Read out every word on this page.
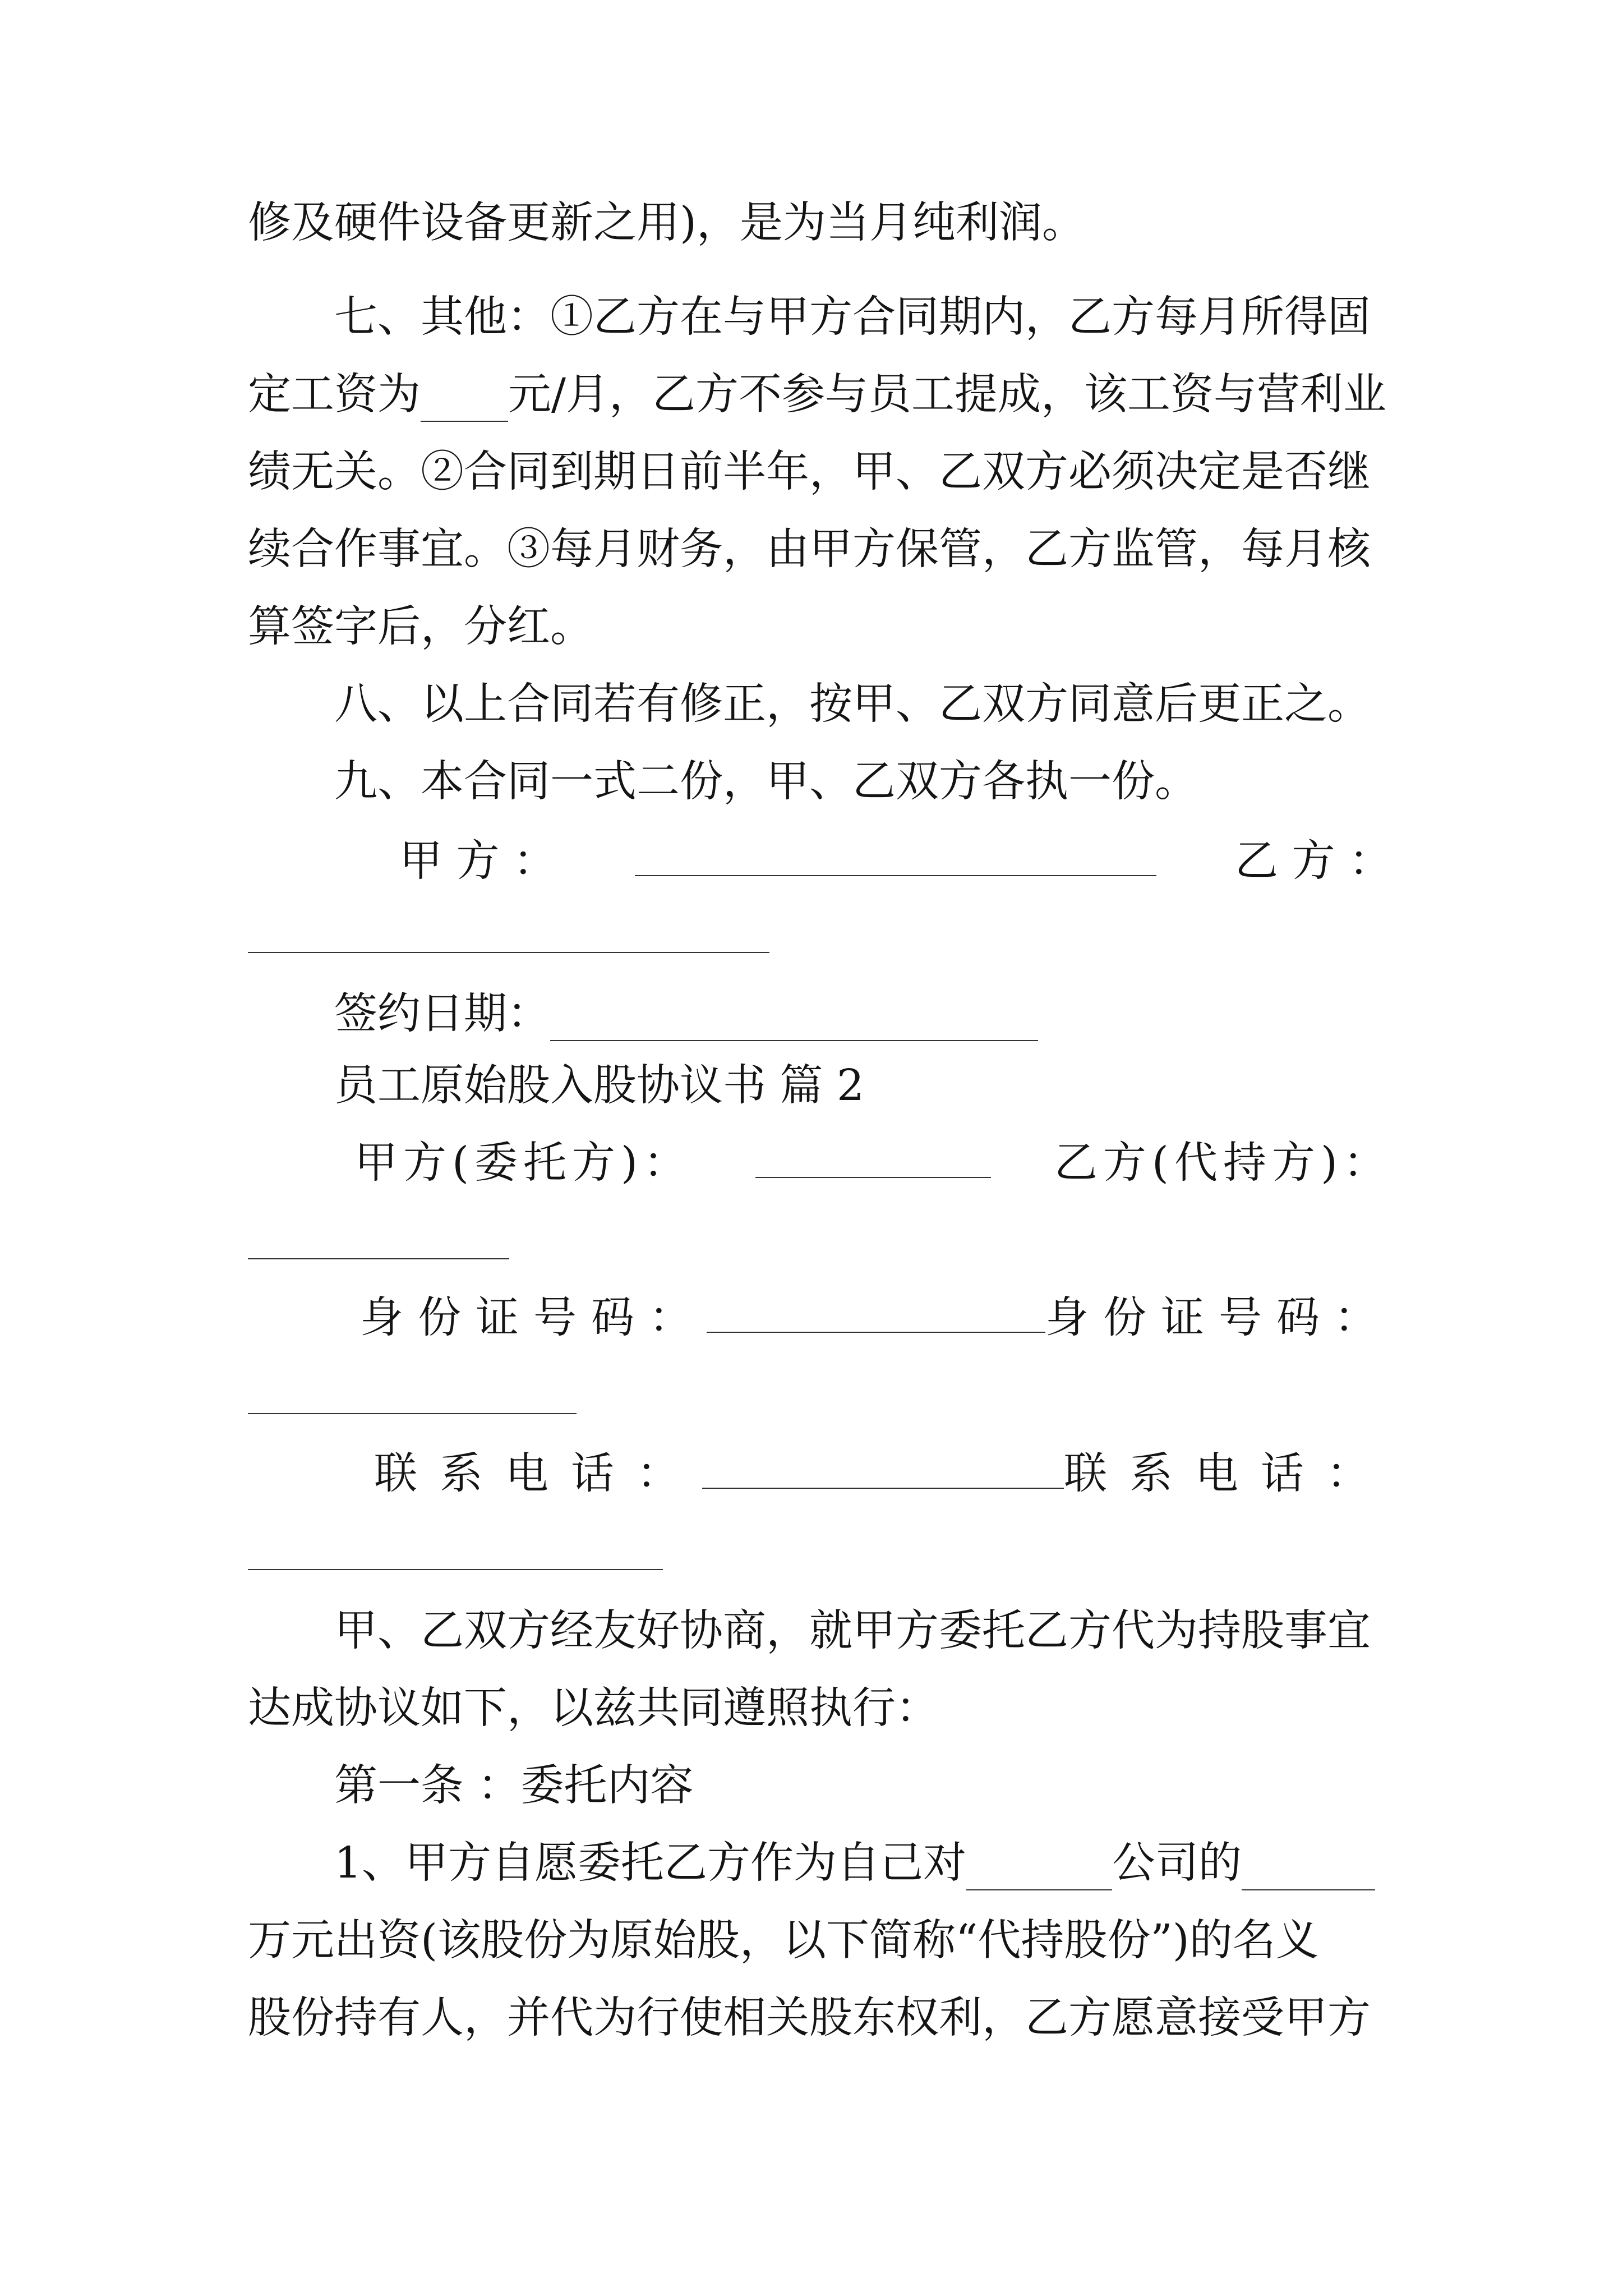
修及硬件设备更新之用)，是为当月纯利润。

七、其他：①乙方在与甲方合同期内，乙方每月所得固

定工资为 元/月，乙方不参与员工提成，该工资与营利业

绩无关。②合同到期日前半年，甲、乙双方必须决定是否继

续合作事宜。③每月财务，由甲方保管，乙方监管，每月核

算签字后，分红。

八、以上合同若有修正，按甲、乙双方同意后更正之。

九、本合同一式二份，甲、乙双方各执一份。

甲 方 ：	乙 方 ：

签约日期：

员工原始股入股协议书 篇 2

甲方(委托方)：	乙方(代持方)：
身份证号码：	身份证号码：
联系电话：	联系电话：

甲、乙双方经友好协商，就甲方委托乙方代为持股事宜

达成协议如下，以兹共同遵照执行：

第一条 ：委托内容

1、甲方自愿委托乙方作为自己对	公司的

万元出资(该股份为原始股，以下简称“代持股份”)的名义

股份持有人，并代为行使相关股东权利，乙方愿意接受甲方
